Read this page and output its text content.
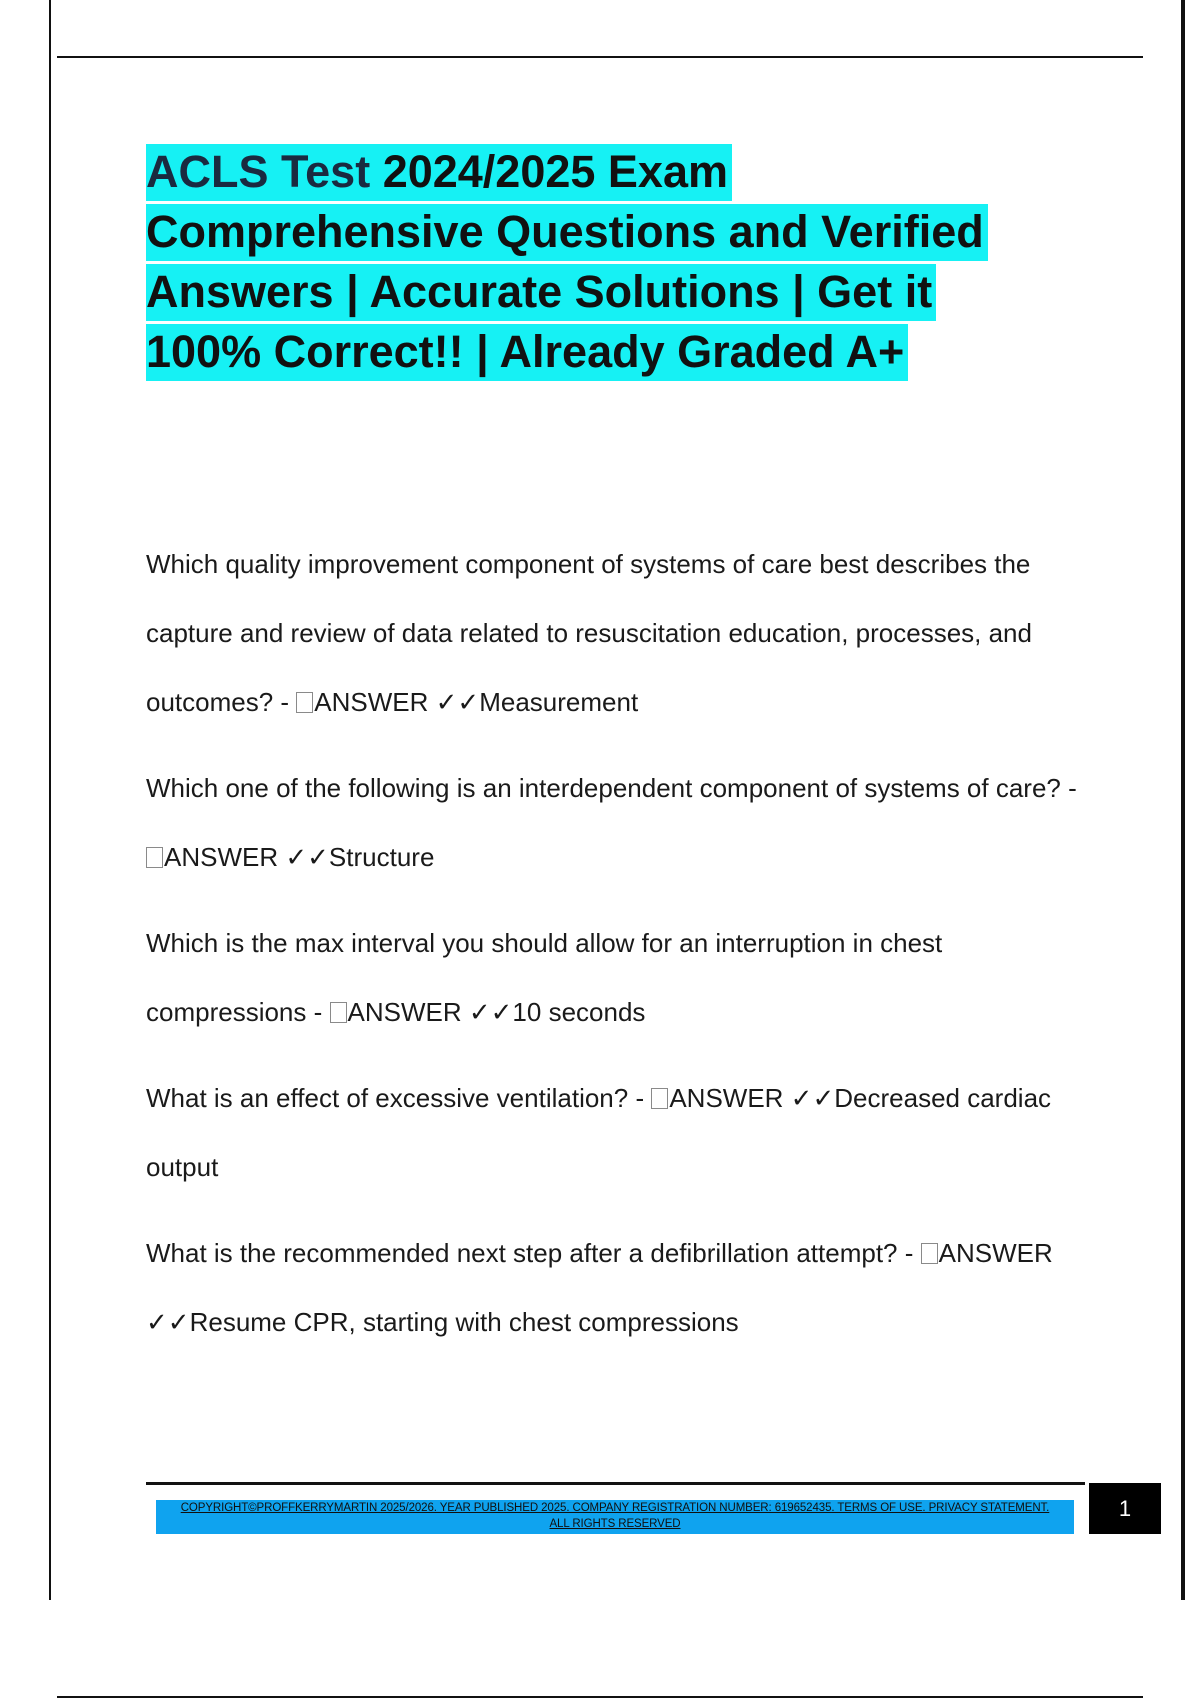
ACLS Test 2024/2025 Exam
Comprehensive Questions and Verified
Answers | Accurate Solutions | Get it
100% Correct!! | Already Graded A+
Which quality improvement component of systems of care best describes the capture and review of data related to resuscitation education, processes, and outcomes? - ANSWER ✓✓Measurement
Which one of the following is an interdependent component of systems of care? - ANSWER ✓✓Structure
Which is the max interval you should allow for an interruption in chest compressions - ANSWER ✓✓10 seconds
What is an effect of excessive ventilation? - ANSWER ✓✓Decreased cardiac output
What is the recommended next step after a defibrillation attempt? - ANSWER ✓✓Resume CPR, starting with chest compressions
COPYRIGHT©PROFFKERRYMARTIN 2025/2026. YEAR PUBLISHED 2025. COMPANY REGISTRATION NUMBER: 619652435. TERMS OF USE. PRIVACY STATEMENT.
ALL RIGHTS RESERVED
1
